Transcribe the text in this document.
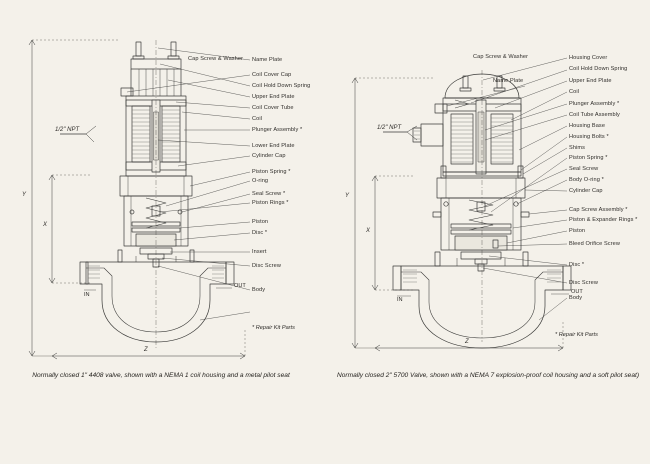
Cap Screw & Washer
1/2" NPT
Y
X
Z
IN
OUT
Name Plate
Coil Cover Cap
Coil Hold Down Spring
Upper End Plate
Coil Cover Tube
Coil
Plunger Assembly *
Lower End Plate
Cylinder Cap
Piston Spring *
O-ring
Seal Screw *
Piston Rings *
Piston
Disc *
Insert
Disc Screw
Body
* Repair Kit Parts
Normally closed 1" 4408 valve, shown with a NEMA 1 coil housing and a metal pilot seat
Cap Screw & Washer
Name Plate
1/2" NPT
Y
X
Z
IN
OUT
Housing Cover
Coil Hold Down Spring
Upper End Plate
Coil
Plunger Assembly *
Coil Tube Assembly
Housing Base
Housing Bolts *
Shims
Piston Spring *
Seal Screw
Body O-ring *
Cylinder Cap
Cap Screw Assembly *
Piston & Expander Rings *
Piston
Bleed Orifice Screw
Disc *
Disc Screw
Body
* Repair Kit Parts
Normally closed 2" 5700 Valve, shown with a NEMA 7 explosion-proof coil housing and a soft pilot seat)
